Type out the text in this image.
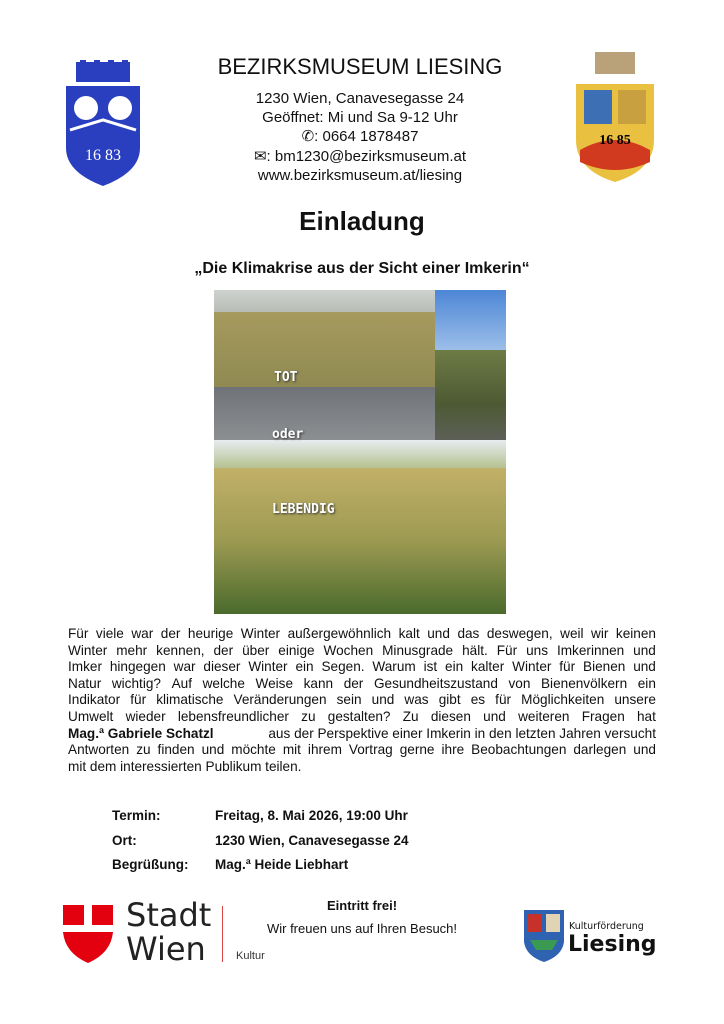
16 83
BEZIRKSMUSEUM LIESING
1230 Wien, Canavesegasse 24
Geöffnet: Mi und Sa 9-12 Uhr
✆: 0664 1878487
✉: bm1230@bezirksmuseum.at
www.bezirksmuseum.at/liesing
16 85
Einladung
„Die Klimakrise aus der Sicht einer Imkerin“
TOT
oder
LEBENDIG
Für viele war der heurige Winter außergewöhnlich kalt und das deswegen, weil wir keinen
Winter mehr kennen, der über einige Wochen Minusgrade hält. Für uns Imkerinnen und
Imker hingegen war dieser Winter ein Segen. Warum ist ein kalter Winter für Bienen und
Natur wichtig? Auf welche Weise kann der Gesundheitszustand von Bienenvölkern ein
Indikator für klimatische Veränderungen sein und was gibt es für Möglichkeiten unsere
Umwelt wieder lebensfreundlicher zu gestalten? Zu diesen und weiteren Fragen hat
Mag.ª Gabriele Schatzl	aus der Perspektive einer Imkerin in den letzten Jahren versucht
Antworten zu finden und möchte mit ihrem Vortrag gerne ihre Beobachtungen darlegen und
mit dem interessierten Publikum teilen.
Termin:	Freitag, 8. Mai 2026, 19:00 Uhr
Ort:	1230 Wien, Canavesegasse 24
Begrüßung: Mag.ª Heide Liebhart
Stadt
Wien	Kultur
Eintritt frei!
Wir freuen uns auf Ihren Besuch!	Kulturförderung
Liesing
